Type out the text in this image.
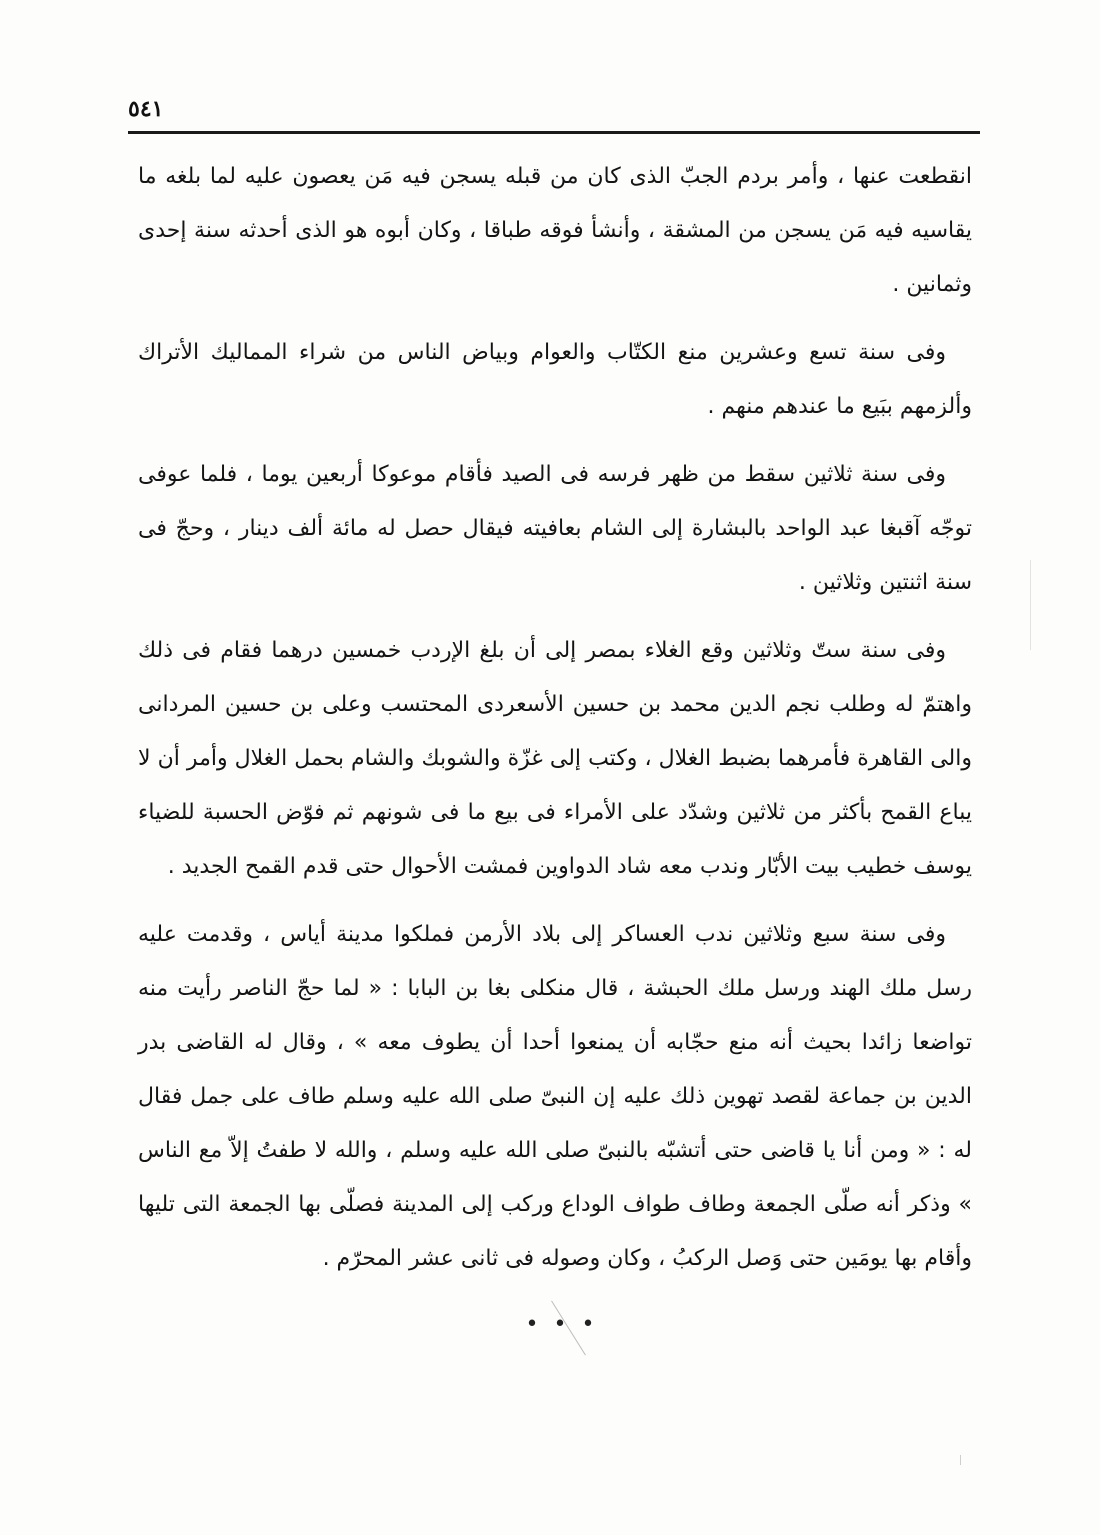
٥٤١

انقطعت عنها ، وأمر بردم الجبّ الذى كان من قبله يسجن فيه مَن يعصون عليه لما بلغه ما يقاسيه فيه مَن يسجن من المشقة ، وأنشأ فوقه طباقا ، وكان أبوه هو الذى أحدثه سنة إحدى وثمانين .

وفى سنة تسع وعشرين منع الكتّاب والعوام وبياض الناس من شراء المماليك الأتراك وألزمهم ببَيع ما عندهم منهم .

وفى سنة ثلاثين سقط من ظهر فرسه فى الصيد فأقام موعوكا أربعين يوما ، فلما عوفى توجّه آقبغا عبد الواحد بالبشارة إلى الشام بعافيته فيقال حصل له مائة ألف دينار ، وحجّ فى سنة اثنتين وثلاثين .

وفى سنة ستّ وثلاثين وقع الغلاء بمصر إلى أن بلغ الإردب خمسين درهما فقام فى ذلك واهتمّ له وطلب نجم الدين محمد بن حسين الأسعردى المحتسب وعلى بن حسين المردانى والى القاهرة فأمرهما بضبط الغلال ، وكتب إلى غزّة والشوبك والشام بحمل الغلال وأمر أن لا يباع القمح بأكثر من ثلاثين وشدّد على الأمراء فى بيع ما فى شونهم ثم فوّض الحسبة للضياء يوسف خطيب بيت الأبّار وندب معه شاد الدواوين فمشت الأحوال حتى قدم القمح الجديد .

وفى سنة سبع وثلاثين ندب العساكر إلى بلاد الأرمن فملكوا مدينة أياس ، وقدمت عليه رسل ملك الهند ورسل ملك الحبشة ، قال منكلى بغا بن البابا : « لما حجّ الناصر رأيت منه تواضعا زائدا بحيث أنه منع حجّابه أن يمنعوا أحدا أن يطوف معه » ، وقال له القاضى بدر الدين بن جماعة لقصد تهوين ذلك عليه إن النبىّ صلى الله عليه وسلم طاف على جمل فقال له : « ومن أنا يا قاضى حتى أتشبّه بالنبىّ صلى الله عليه وسلم ، والله لا طفتُ إلاّ مع الناس » وذكر أنه صلّى الجمعة وطاف طواف الوداع وركب إلى المدينة فصلّى بها الجمعة التى تليها وأقام بها يومَين حتى وَصل الركبُ ، وكان وصوله فى ثانى عشر المحرّم .

• • •
